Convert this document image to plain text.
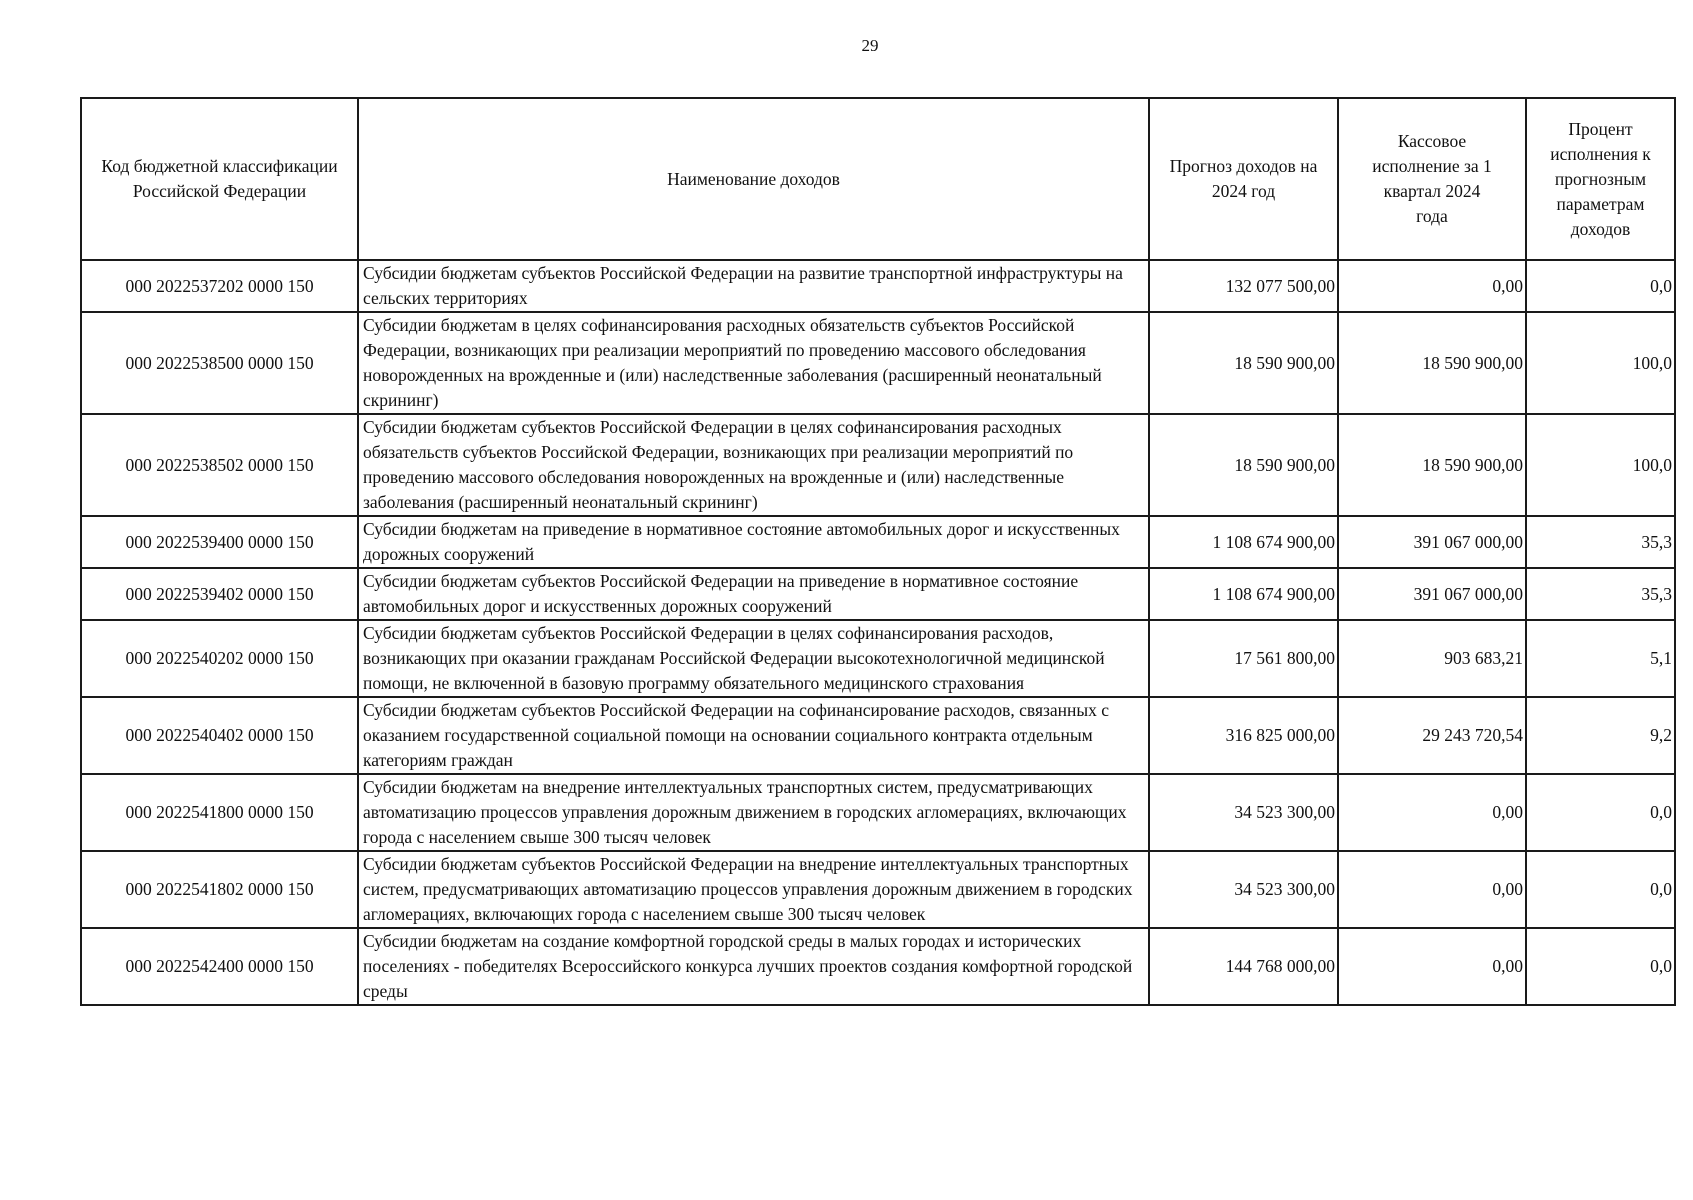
29
Код бюджетной классификации Российской Федерации	Наименование доходов	Прогноз доходов на 2024 год	Кассовое исполнение за 1 квартал 2024 года	Процент исполнения к прогнозным параметрам доходов
000 2022537202 0000 150	Субсидии бюджетам субъектов Российской Федерации на развитие транспортной инфраструктуры на сельских территориях	132 077 500,00	0,00	0,0
000 2022538500 0000 150	Субсидии бюджетам в целях софинансирования расходных обязательств субъектов Российской Федерации, возникающих при реализации мероприятий по проведению массового обследования новорожденных на врожденные и (или) наследственные заболевания (расширенный неонатальный скрининг)	18 590 900,00	18 590 900,00	100,0
000 2022538502 0000 150	Субсидии бюджетам субъектов Российской Федерации в целях софинансирования расходных обязательств субъектов Российской Федерации, возникающих при реализации мероприятий по проведению массового обследования новорожденных на врожденные и (или) наследственные заболевания (расширенный неонатальный скрининг)	18 590 900,00	18 590 900,00	100,0
000 2022539400 0000 150	Субсидии бюджетам на приведение в нормативное состояние автомобильных дорог и искусственных дорожных сооружений	1 108 674 900,00	391 067 000,00	35,3
000 2022539402 0000 150	Субсидии бюджетам субъектов Российской Федерации на приведение в нормативное состояние автомобильных дорог и искусственных дорожных сооружений	1 108 674 900,00	391 067 000,00	35,3
000 2022540202 0000 150	Субсидии бюджетам субъектов Российской Федерации в целях софинансирования расходов, возникающих при оказании гражданам Российской Федерации высокотехнологичной медицинской помощи, не включенной в базовую программу обязательного медицинского страхования	17 561 800,00	903 683,21	5,1
000 2022540402 0000 150	Субсидии бюджетам субъектов Российской Федерации на софинансирование расходов, связанных с оказанием государственной социальной помощи на основании социального контракта отдельным категориям граждан	316 825 000,00	29 243 720,54	9,2
000 2022541800 0000 150	Субсидии бюджетам на внедрение интеллектуальных транспортных систем, предусматривающих автоматизацию процессов управления дорожным движением в городских агломерациях, включающих города с населением свыше 300 тысяч человек	34 523 300,00	0,00	0,0
000 2022541802 0000 150	Субсидии бюджетам субъектов Российской Федерации на внедрение интеллектуальных транспортных систем, предусматривающих автоматизацию процессов управления дорожным движением в городских агломерациях, включающих города с населением свыше 300 тысяч человек	34 523 300,00	0,00	0,0
000 2022542400 0000 150	Субсидии бюджетам на создание комфортной городской среды в малых городах и исторических поселениях - победителях Всероссийского конкурса лучших проектов создания комфортной городской среды	144 768 000,00	0,00	0,0
